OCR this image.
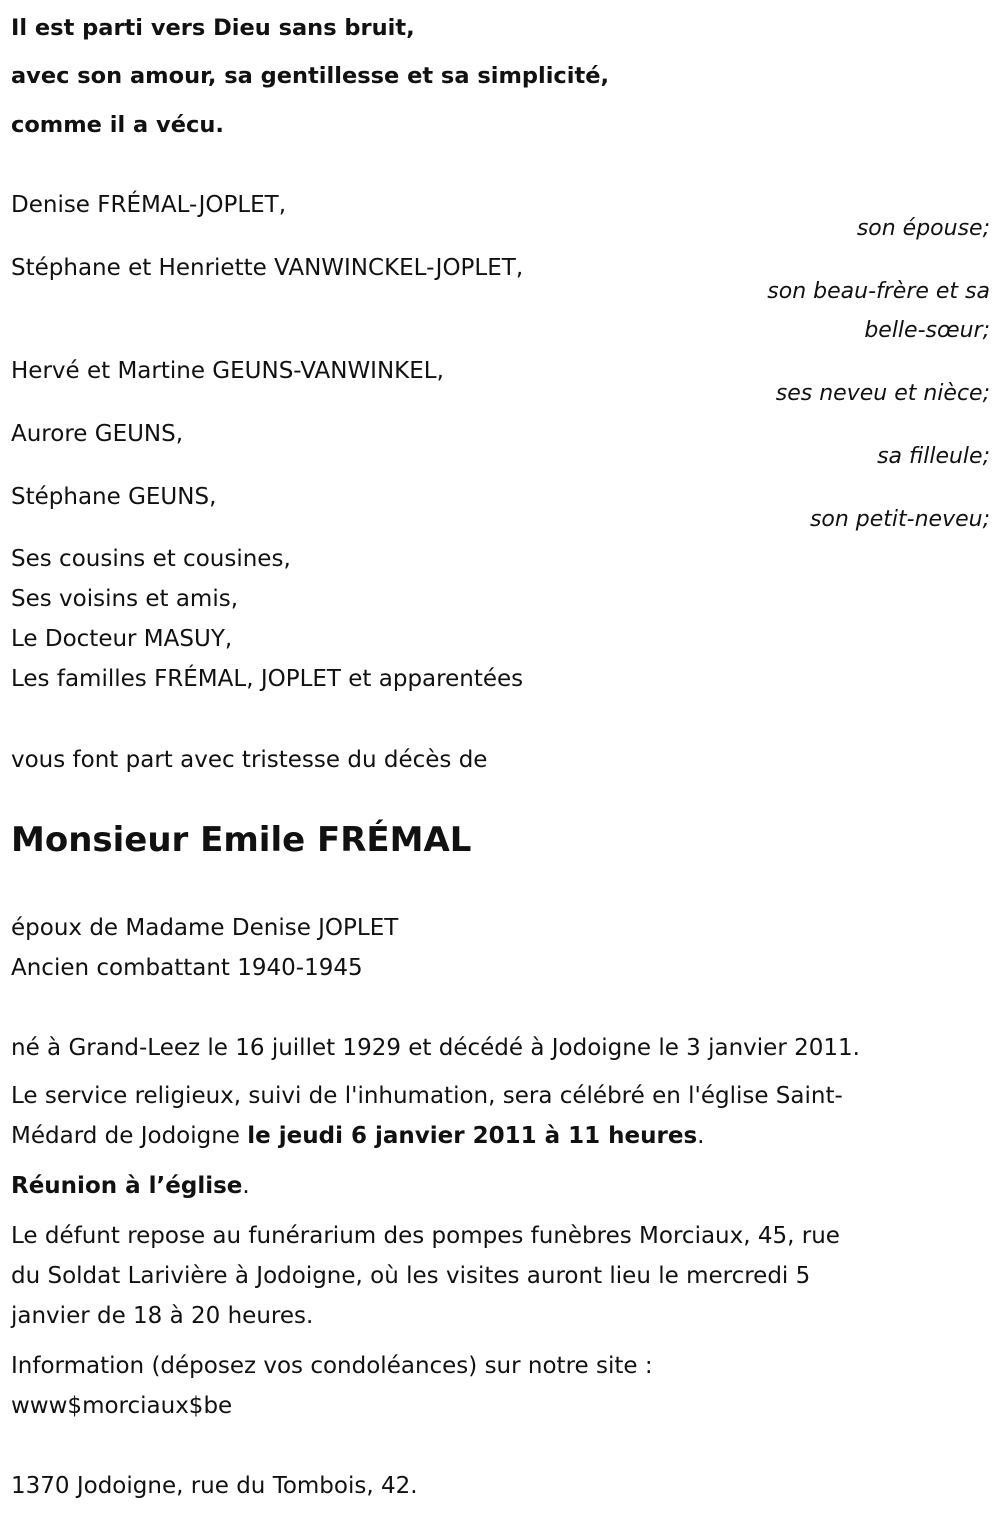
Il est parti vers Dieu sans bruit,
avec son amour, sa gentillesse et sa simplicité,
comme il a vécu.
Denise FRÉMAL-JOPLET,
son épouse;
Stéphane et Henriette VANWINCKEL-JOPLET,
son beau-frère et sa
belle-sœur;
Hervé et Martine GEUNS-VANWINKEL,
ses neveu et nièce;
Aurore GEUNS,
sa filleule;
Stéphane GEUNS,
son petit-neveu;
Ses cousins et cousines,
Ses voisins et amis,
Le Docteur MASUY,
Les familles FRÉMAL, JOPLET et apparentées
vous font part avec tristesse du décès de
Monsieur Emile FRÉMAL
époux de Madame Denise JOPLET
Ancien combattant 1940-1945
né à Grand-Leez le 16 juillet 1929 et décédé à Jodoigne le 3 janvier 2011.
Le service religieux, suivi de l'inhumation, sera célébré en l'église Saint-
Médard de Jodoigne le jeudi 6 janvier 2011 à 11 heures.
Réunion à l’église.
Le défunt repose au funérarium des pompes funèbres Morciaux, 45, rue
du Soldat Larivière à Jodoigne, où les visites auront lieu le mercredi 5
janvier de 18 à 20 heures.
Information (déposez vos condoléances) sur notre site :
www$morciaux$be
1370 Jodoigne, rue du Tombois, 42.
